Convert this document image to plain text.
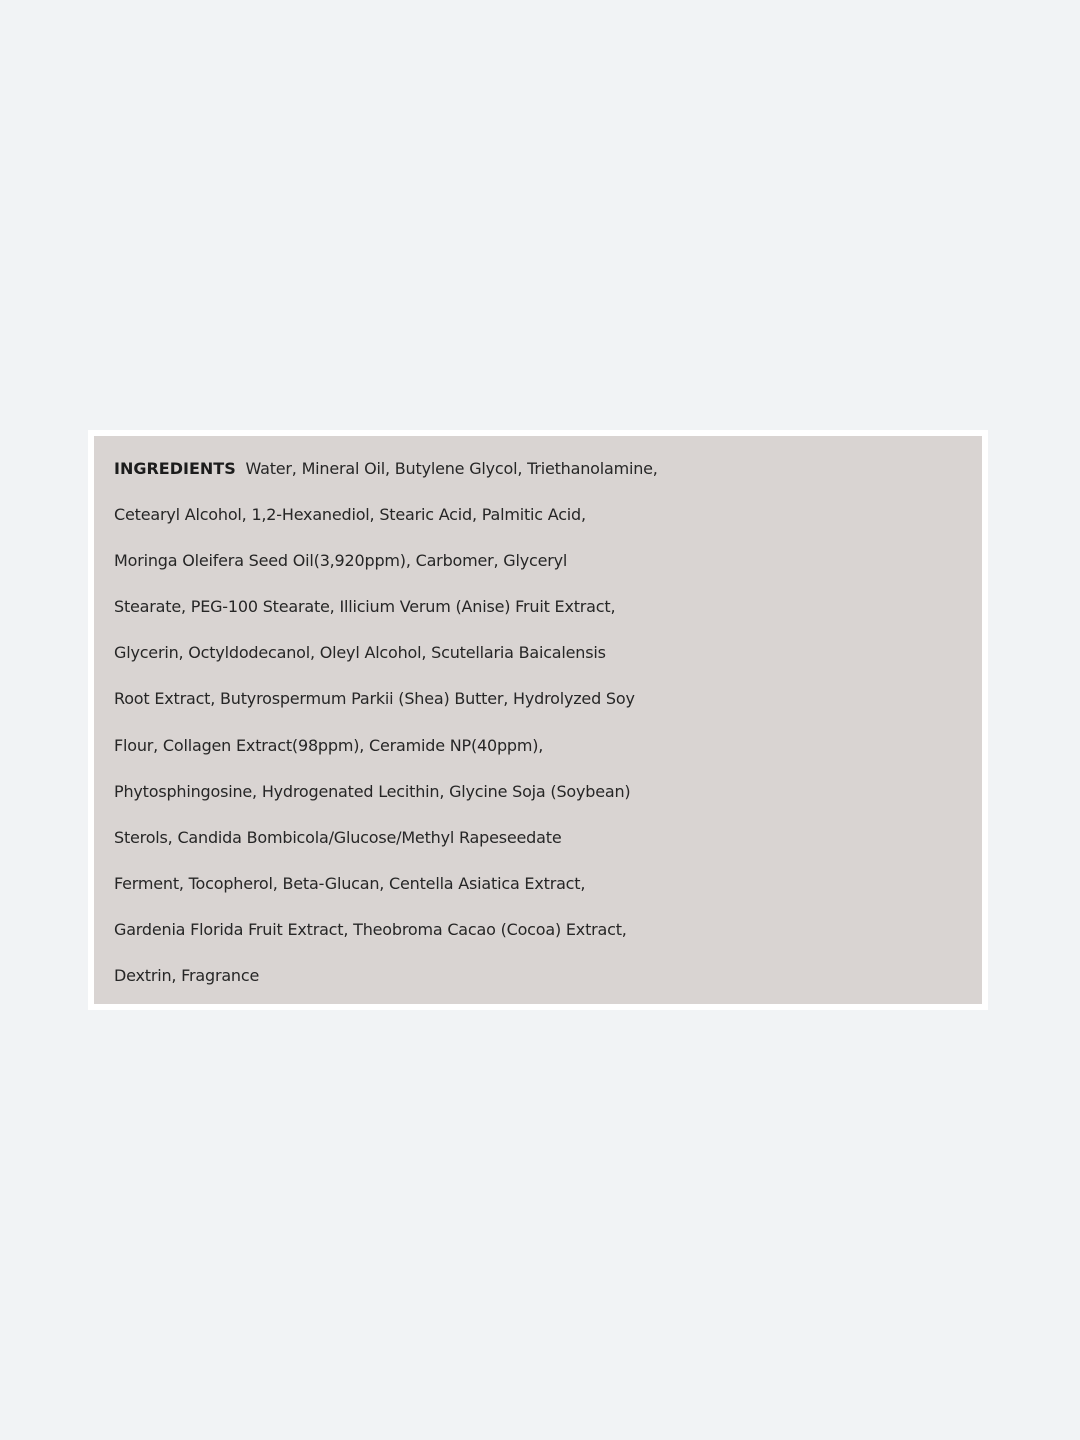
INGREDIENTS Water, Mineral Oil, Butylene Glycol, Triethanolamine,
Cetearyl Alcohol, 1,2-Hexanediol, Stearic Acid, Palmitic Acid,
Moringa Oleifera Seed Oil(3,920ppm), Carbomer, Glyceryl
Stearate, PEG-100 Stearate, Illicium Verum (Anise) Fruit Extract,
Glycerin, Octyldodecanol, Oleyl Alcohol, Scutellaria Baicalensis
Root Extract, Butyrospermum Parkii (Shea) Butter, Hydrolyzed Soy
Flour, Collagen Extract(98ppm), Ceramide NP(40ppm),
Phytosphingosine, Hydrogenated Lecithin, Glycine Soja (Soybean)
Sterols, Candida Bombicola/Glucose/Methyl Rapeseedate
Ferment, Tocopherol, Beta-Glucan, Centella Asiatica Extract,
Gardenia Florida Fruit Extract, Theobroma Cacao (Cocoa) Extract,
Dextrin, Fragrance
